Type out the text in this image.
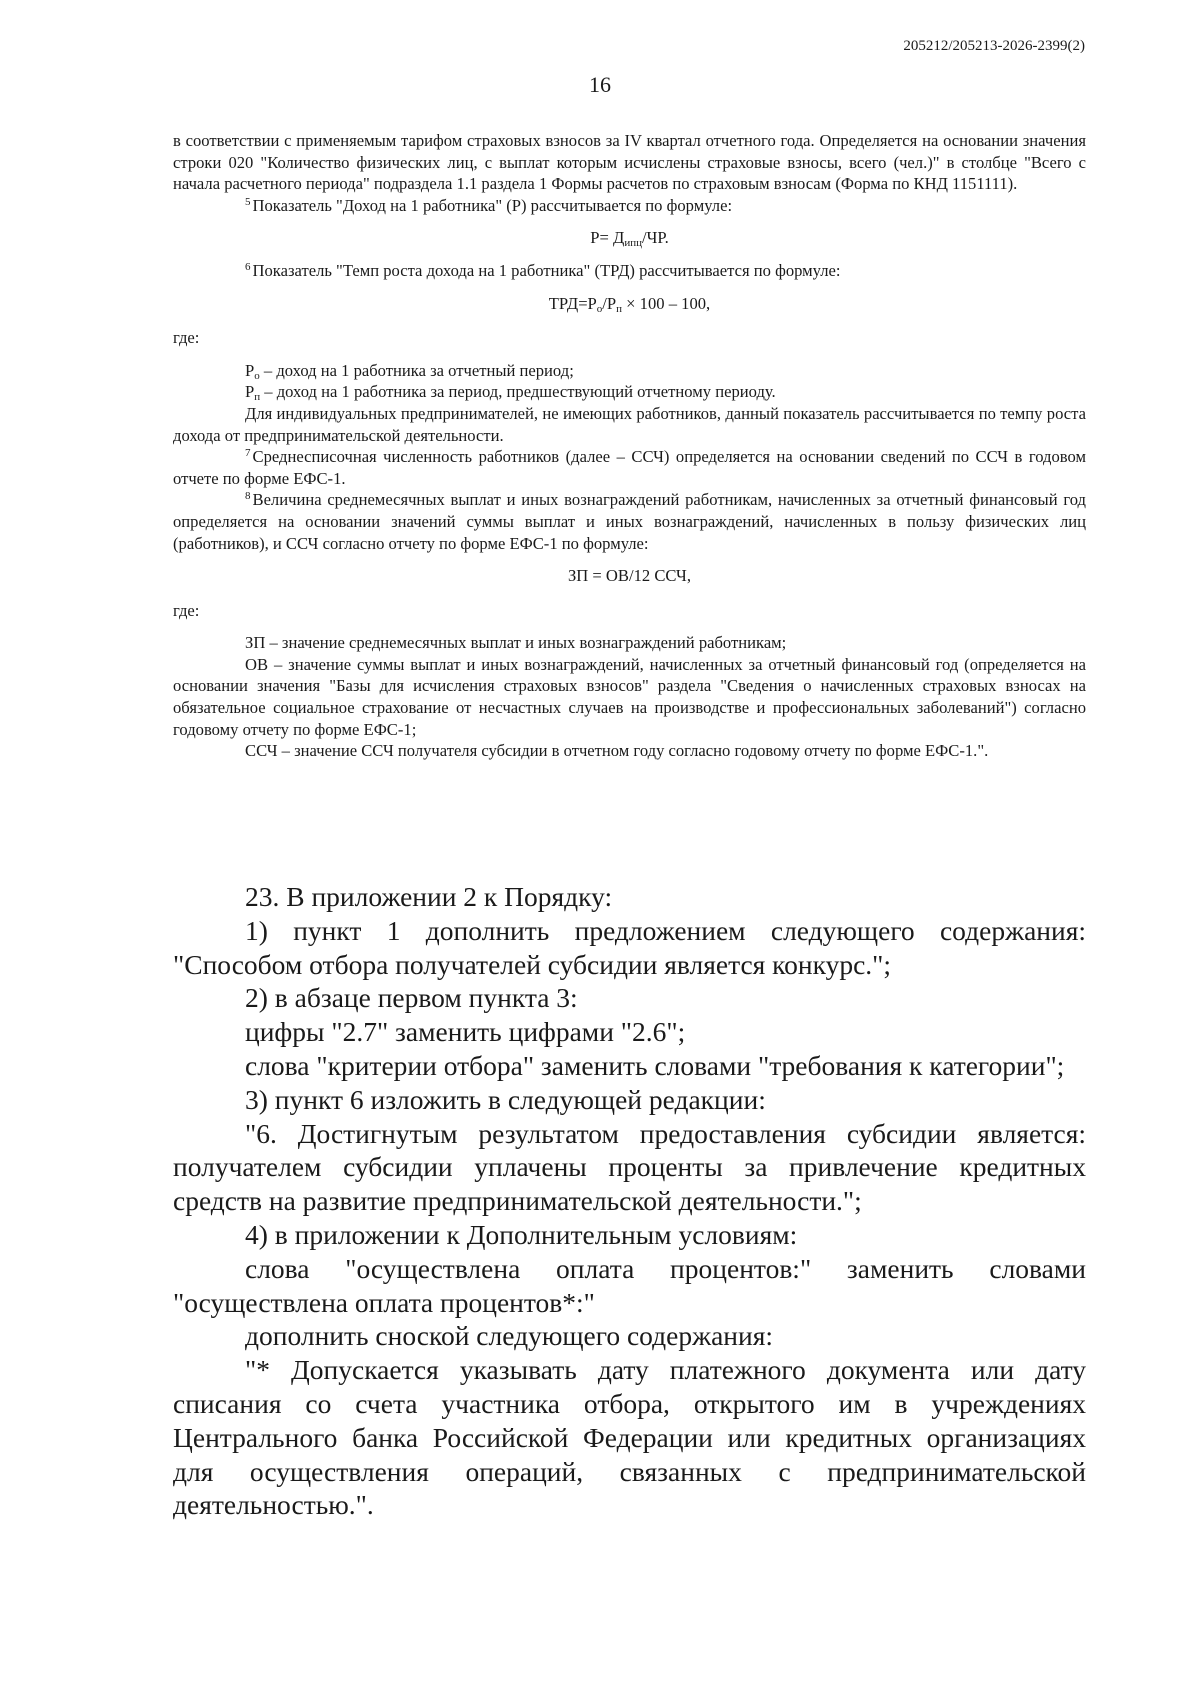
205212/205213-2026-2399(2)
16

в соответствии с применяемым тарифом страховых взносов за IV квартал отчетного года. Определяется на основании значения строки 020 "Количество физических лиц, с выплат которым исчислены страховые взносы, всего (чел.)" в столбце "Всего с начала расчетного периода" подраздела 1.1 раздела 1 Формы расчетов по страховым взносам (Форма по КНД 1151111).

$^5$ Показатель "Доход на 1 работника" (Р) рассчитывается по формуле:

$Р= Д_{ипц}/ЧР$.

$^6$ Показатель "Темп роста дохода на 1 работника" (ТРД) рассчитывается по формуле:

$ТРД=Р_о/Р_п \times 100 - 100$,

где:

$Р_о$ – доход на 1 работника за отчетный период;

$Р_п$ – доход на 1 работника за период, предшествующий отчетному периоду.

Для индивидуальных предпринимателей, не имеющих работников, данный показатель рассчитывается по темпу роста дохода от предпринимательской деятельности.

$^7$ Среднесписочная численность работников (далее – ССЧ) определяется на основании сведений по ССЧ в годовом отчете по форме ЕФС-1.

$^8$ Величина среднемесячных выплат и иных вознаграждений работникам, начисленных за отчетный финансовый год определяется на основании значений суммы выплат и иных вознаграждений, начисленных в пользу физических лиц (работников), и ССЧ согласно отчету по форме ЕФС-1 по формуле:

ЗП = ОВ/12 ССЧ,

где:

ЗП – значение среднемесячных выплат и иных вознаграждений работникам;

ОВ – значение суммы выплат и иных вознаграждений, начисленных за отчетный финансовый год (определяется на основании значения "Базы для исчисления страховых взносов" раздела "Сведения о начисленных страховых взносах на обязательное социальное страхование от несчастных случаев на производстве и профессиональных заболеваний") согласно годовому отчету по форме ЕФС-1;

ССЧ – значение ССЧ получателя субсидии в отчетном году согласно годовому отчету по форме ЕФС-1.".

23. В приложении 2 к Порядку:

1) пункт 1 дополнить предложением следующего содержания: "Способом отбора получателей субсидии является конкурс.";

2) в абзаце первом пункта 3:

цифры "2.7" заменить цифрами "2.6";

слова "критерии отбора" заменить словами "требования к категории";

3) пункт 6 изложить в следующей редакции:

"6. Достигнутым результатом предоставления субсидии является: получателем субсидии уплачены проценты за привлечение кредитных средств на развитие предпринимательской деятельности.";

4) в приложении к Дополнительным условиям:

слова "осуществлена оплата процентов:" заменить словами "осуществлена оплата процентов*:"

дополнить сноской следующего содержания:

"* Допускается указывать дату платежного документа или дату списания со счета участника отбора, открытого им в учреждениях Центрального банка Российской Федерации или кредитных организациях для осуществления операций, связанных с предпринимательской деятельностью.".
